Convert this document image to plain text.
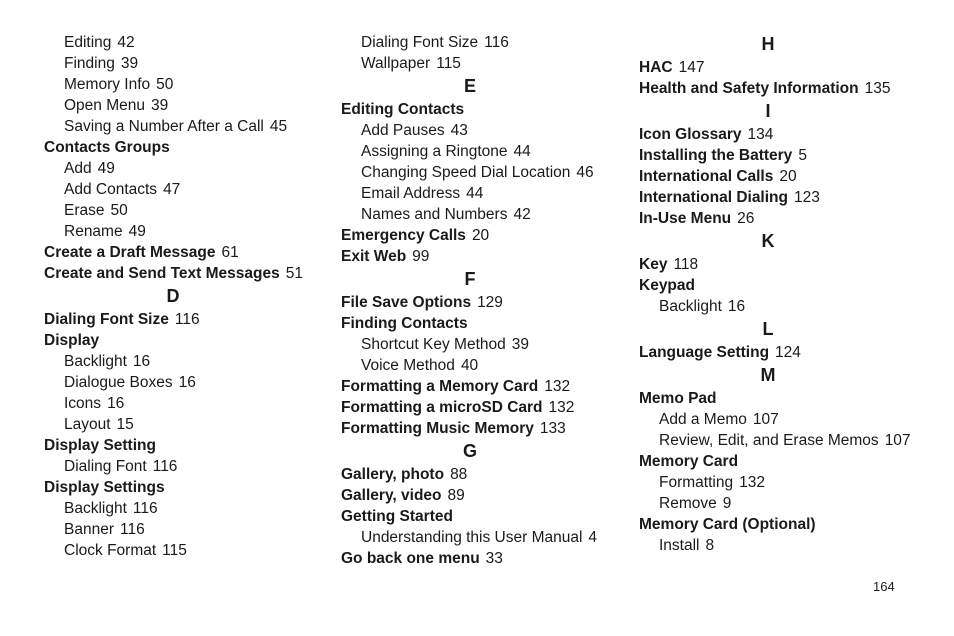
Editing 42
Finding 39
Memory Info 50
Open Menu 39
Saving a Number After a Call 45
Contacts Groups
Add 49
Add Contacts 47
Erase 50
Rename 49
Create a Draft Message 61
Create and Send Text Messages 51
D
Dialing Font Size 116
Display
Backlight 16
Dialogue Boxes 16
Icons 16
Layout 15
Display Setting
Dialing Font 116
Display Settings
Backlight 116
Banner 116
Clock Format 115
Dialing Font Size 116
Wallpaper 115
E
Editing Contacts
Add Pauses 43
Assigning a Ringtone 44
Changing Speed Dial Location 46
Email Address 44
Names and Numbers 42
Emergency Calls 20
Exit Web 99
F
File Save Options 129
Finding Contacts
Shortcut Key Method 39
Voice Method 40
Formatting a Memory Card 132
Formatting a microSD Card 132
Formatting Music Memory 133
G
Gallery, photo 88
Gallery, video 89
Getting Started
Understanding this User Manual 4
Go back one menu 33
H
HAC 147
Health and Safety Information 135
I
Icon Glossary 134
Installing the Battery 5
International Calls 20
International Dialing 123
In-Use Menu 26
K
Key 118
Keypad
Backlight 16
L
Language Setting 124
M
Memo Pad
Add a Memo 107
Review, Edit, and Erase Memos 107
Memory Card
Formatting 132
Remove 9
Memory Card (Optional)
Install 8
164
